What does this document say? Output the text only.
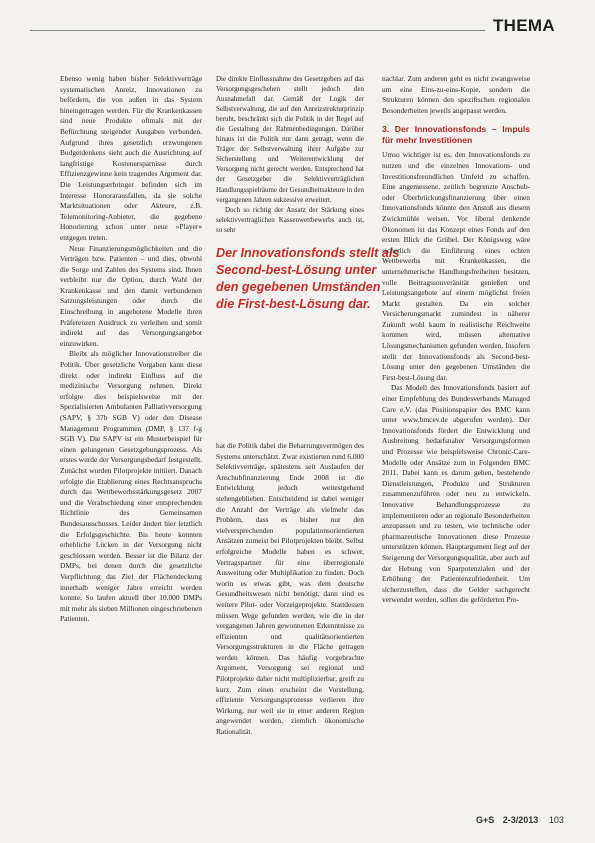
THEMA

Ebenso wenig haben bisher Selektivverträge systematischen Anreiz, Innovationen zu befördern, die von außen in das System hineingetragen werden. Für die Krankenkassen sind neue Produkte oftmals mit der Befürchtung steigender Ausgaben verbunden. Aufgrund ihres gesetzlich erzwungenen Budgetdenkens sieht auch die Ausrichtung auf langfristige Kostenersparnisse durch Effizienzgewinne kein tragendes Argument dar. Die Leistungserbringer befinden sich im Interesse Honorarausfallen, da sie solche Marktsituationen oder Akteure, z.B. Telemonitoring-Anbieter, die gegebene Honorierung schon unter neue »Player« entgegen treten.

Neue Finanzierungsmöglichkeiten und die Verträgen bzw. Patienten – und dies, obwohl die Sorge und Zahlen des Systems sind. Ihnen verbleibt nur die Option, durch Wahl der Krankenkasse und den damit verbundenen Satzungsleistungen oder durch die Einschreibung in angebotene Modelle ihren Präferenzen Ausdruck zu verleihen und somit indirekt auf das Versorgungsangebot einzuwirken.

Bleibt als möglicher Innovationstreiber die Politik. Über gesetzliche Vorgaben kann diese direkt oder indirekt Einfluss auf die medizinische Versorgung nehmen. Direkt erfolgte dies beispielsweise mit der Spezialisierten Ambulanten Palliativversorgung (SAPV, § 37b SGB V) oder den Disease Management Programmen (DMP, § 137 f-g SGB V). Die SAPV ist ein Musterbeispiel für einen gelungenen Gesetzgebungsprozess. Als erstes wurde der Versorgungsbedarf festgestellt. Zunächst wurden Pilotprojekte initiiert. Danach erfolgte die Etablierung eines Rechtsanspruchs durch das Wettbewerbsstärkungsgesetz 2007 und die Verabschiedung einer entsprechenden Richtlinie des Gemeinsamen Bundesausschusses. Leider ändert hier letztlich die Erfolgsgeschichte. Bis heute konnten erhebliche Lücken in der Versorgung nicht geschlossen werden. Besser ist die Bilanz der DMPs, bei denen durch die gesetzliche Verpflichtung das Ziel der Flächendeckung innerhalb weniger Jahre erreicht werden konnte. So laufen aktuell über 10.000 DMPs mit mehr als sieben Millionen eingeschriebenen Patienten.

Die direkte Einflussnahme des Gesetzgebers auf das Versorgungsgeschehen stellt jedoch den Ausnahmefall dar. Gemäß der Logik der Selbstverwaltung, die auf den Anreizstrukturprinzip beruht, beschränkt sich die Politik in der Regel auf die Gestaltung der Rahmenbedingungen. Darüber hinaus ist die Politik nur dann getragt, wenn die Träger der Selbstverwaltung ihrer Aufgabe zur Sicherstellung und Weiterentwicklung der Versorgung nicht gerecht werden. Entsprechend hat der Gesetzgeber die Selektivverträglichen Handlungsspielräume der Gesundheitsakteure in den vergangenen Jahren sukzessive erweitert.

Doch so richtig der Ansatz der Stärkung eines selektivvertraglichen Kassenwettbewerbs auch ist, so sehr

Der Innovationsfonds stellt als Second-best-Lösung unter den gegebenen Umständen die First-best-Lösung dar.

hat die Politik dabei die Beharrungsvermögen des Systems unterschätzt. Zwar existierten rund 6.000 Selektivverträge, spätestens seit Auslaufen der Anschubfinanzierung Ende 2008 ist die Entwicklung jedoch weitestgehend stehengeblieben. Entscheidend ist dabei weniger die Anzahl der Verträge als vielmehr das Problem, dass es bisher nur den vielversprechenden populationsorientierten Ansätzen zumeist bei Pilotprojekten bleibt. Selbst erfolgreiche Modelle haben es schwer, Vertragspartner für eine überregionale Ausweitung oder Multiplikation zu finden. Doch worin es etwas gibt, was dem deutsche Gesundheitswesen nicht benötigt, dann sind es weitere Pilot- oder Vorzeigeprojekte. Stattdessen müssen Wege gefunden werden, wie die in der vergangenen Jahren gewonnenen Erkenntnisse zu effizienten und qualitätsorientierten Versorgungsstrukturen in die Fläche getragen werden können. Das häufig vorgebrachte Argument, Versorgung sei regional und Pilotprojekte daher nicht multiplizierbar, greift zu kurz. Zum einen erscheint die Vorstellung, effiziente Versorgungsprozesse verlieren ihre Wirkung, nur weil sie in einer anderen Region angewendet werden, ziemlich ökonomische Rationalität.

nachlar. Zum anderen geht es nicht zwangsweise um eine Eins-zu-eins-Kopie, sondern die Strukturen können den spezifischen regionalen Besonderheiten jeweils angepasst werden.

3. Der Innovationsfonds – Impuls für mehr Investitionen

Umso wichtiger ist es, den Innovationsfonds zu nutzen und die einzelnen Innovations- und Investitionsfreundlichen Umfeld zu schaffen. Eine angemessene, zeitlich begrenzte Anschub- oder Überbrückungsfinanzierung über einen Innovationsfonds könnte den Anstoß aus diesem Zwickmühle weisen. Vor liberal denkende Ökonomen ist das Konzept eines Fonds auf den ersten Blick die Grübel. Der Königsweg wäre sicherlich die Einführung eines echten Wettbewerbs mit Krankenkassen, die unternehmerische Handlungsfreiheiten besitzen, volle Beitragssouveränität genießen und Leistungsangebote auf einem möglichst freien Markt gestalten. Da ein solcher Versicherungsmarkt zumindest in näherer Zukunft wohl kaum in realistische Reichweite kommen wird, müssen alternative Lösungsmechanismen gefunden werden. Insofern stellt der Innovationsfonds als Second-best-Lösung unter den gegebenen Umständen die First-best-Lösung dar.

Das Modell des Innovationsfonds basiert auf einer Empfehlung des Bundesverbands Managed Care e.V. (das Positionspapier des BMC kann unter www.bmcev.de abgerufen werden). Der Innovationsfonds fördert die Entwicklung und Ausbreitung bedarfsnaher Versorgungsformen und Prozesse wie beispielsweise Chronic-Care-Modelle oder Ansätze zum in Folgenden BMC 2011. Dabei kann es darum gehen, bestehende Dienstleistungen, Produkte und Strukturen zusammenzuführen oder neu zu entwickeln. Innovative Behandlungsprozesse zu implementieren oder an regionale Besonderheiten anzupassen und zu testen, wie technische oder pharmazeutische Innovationen diese Prozesse unterstützen können. Hauptargument liegt auf der Steigerung der Versorgungsqualität, aber auch auf der Hebung von Sparpotenzialen und der Erhöhung der Patientenzufriedenheit. Um sicherzustellen, dass die Gelder sachgerecht verwendet werden, sollen die geförderten Pro-

G+S 2-3/2013 103
